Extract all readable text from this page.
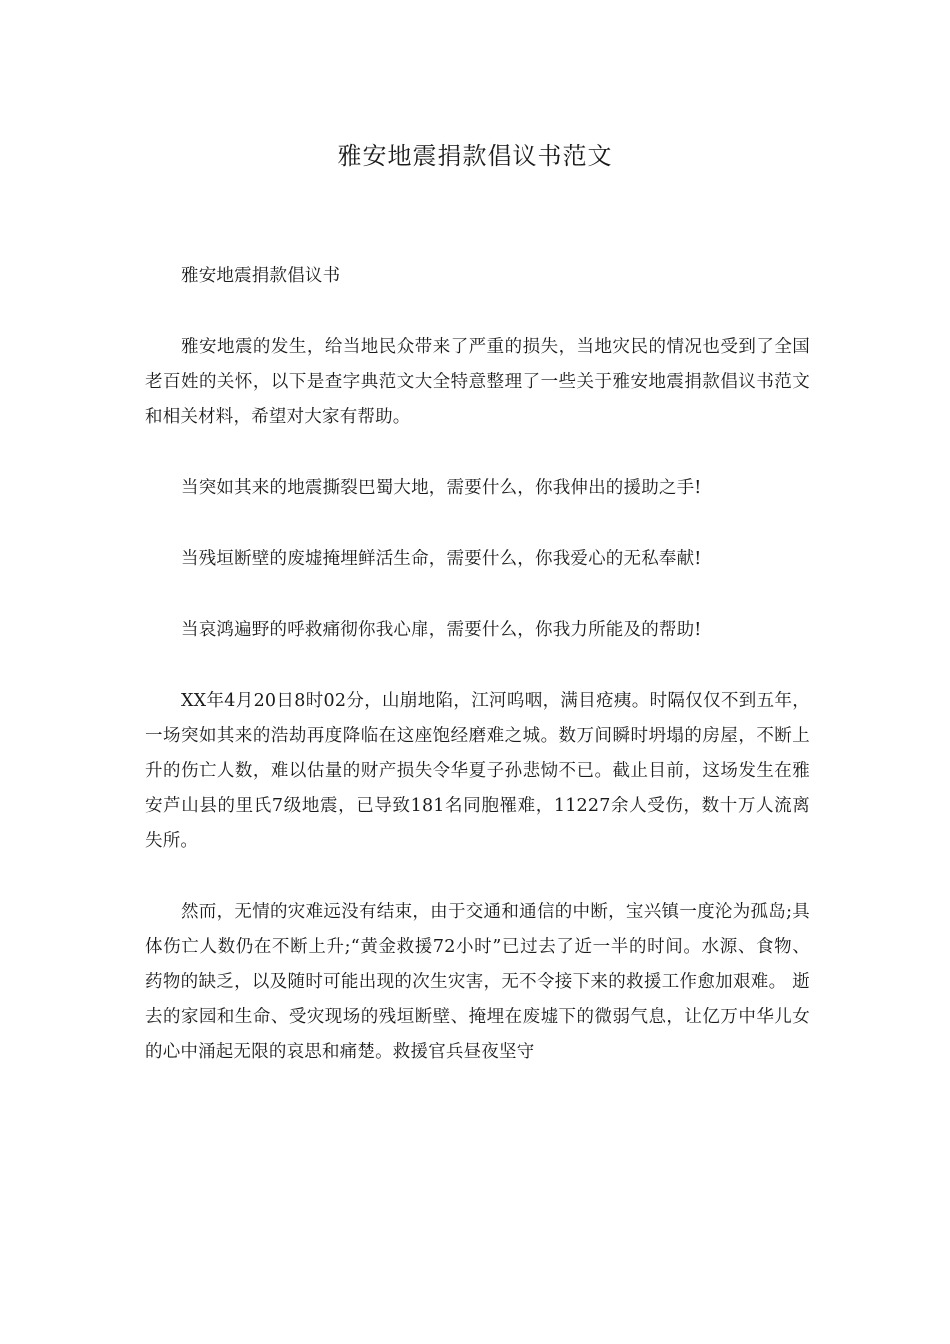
雅安地震捐款倡议书范文

雅安地震捐款倡议书

雅安地震的发生，给当地民众带来了严重的损失，当地灾民的情况也受到了全国老百姓的关怀，以下是查字典范文大全特意整理了一些关于雅安地震捐款倡议书范文和相关材料，希望对大家有帮助。

当突如其来的地震撕裂巴蜀大地，需要什么，你我伸出的援助之手!

当残垣断壁的废墟掩埋鲜活生命，需要什么，你我爱心的无私奉献!

当哀鸿遍野的呼救痛彻你我心扉，需要什么，你我力所能及的帮助!

XX年4月20日8时02分，山崩地陷，江河呜咽，满目疮痍。时隔仅仅不到五年，一场突如其来的浩劫再度降临在这座饱经磨难之城。数万间瞬时坍塌的房屋，不断上升的伤亡人数，难以估量的财产损失令华夏子孙悲恸不已。截止目前，这场发生在雅安芦山县的里氏7级地震，已导致181名同胞罹难，11227余人受伤，数十万人流离失所。

然而，无情的灾难远没有结束，由于交通和通信的中断，宝兴镇一度沦为孤岛;具体伤亡人数仍在不断上升;“黄金救援72小时”已过去了近一半的时间。水源、食物、药物的缺乏，以及随时可能出现的次生灾害，无不令接下来的救援工作愈加艰难。 逝去的家园和生命、受灾现场的残垣断壁、掩埋在废墟下的微弱气息，让亿万中华儿女的心中涌起无限的哀思和痛楚。救援官兵昼夜坚守
